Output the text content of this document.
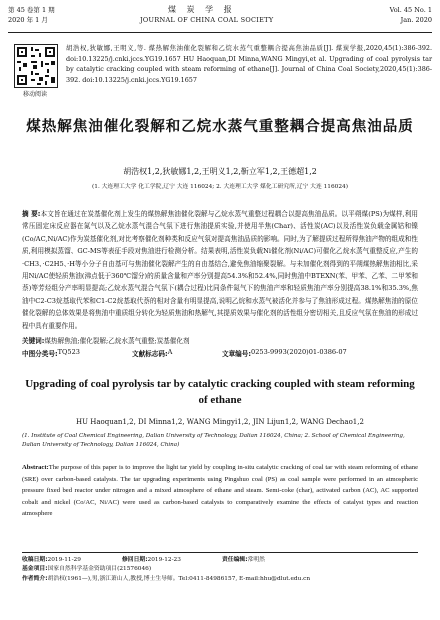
第 45 卷第 1 期
2020 年 1 月
煤 炭 学 报
JOURNAL OF CHINA COAL SOCIETY
Vol. 45 No. 1
Jan. 2020
移动阅读
胡浩权,狄敏娜,王明义,等. 煤热解焦油催化裂解和乙烷水蒸气重整耦合提高焦油品质[J]. 煤炭学报,2020,45(1):386-392. doi:10.13225/j.cnki.jccs.YG19.1657 HU Haoquan,DI Minna,WANG Mingyi,et al. Upgrading of coal pyrolysis tar by catalytic cracking coupled with steam reforming of ethane[J]. Journal of China Coal Society,2020,45(1):386-392. doi:10.13225/j.cnki.jccs.YG19.1657
煤热解焦油催化裂解和乙烷水蒸气重整耦合提高焦油品质
胡浩权1,2,狄敏娜1,2,王明义1,2,靳立军1,2,王德超1,2
(1. 大连理工大学 化工学院,辽宁 大连 116024; 2. 大连理工大学 煤化工研究所,辽宁 大连 116024)
摘 要:本文旨在通过在炭基催化剂上发生的煤热解焦油催化裂解与乙烷水蒸气重整过程耦合以提高焦油品质。以平朔煤(PS)为煤样,利用常压固定床反应器在氮气以及乙烷水蒸气混合气氛下进行焦油提质实验,并使用半焦(Char)、活性炭(AC)以及活性炭负载金属钴和镍(Co/AC,Ni/AC)作为炭基催化剂,对比考察催化剂种类和反应气氛对提高焦油品质的影响。同时,为了解提质过程所得焦油产物的组成和性质,利用模拟蒸馏、GC-MS等表征手段对焦油进行检测分析。结果表明,活性炭负载Ni催化剂(Ni/AC)可催化乙烷水蒸气重整反应,产生的·CH3、·C2H5、·H等小分子自由基可与焦油催化裂解产生的自由基结合,避免焦油缩聚裂解。与未加催化剂得到的平朔煤热解焦油相比,采用Ni/AC使轻质焦油(沸点低于360℃馏分)的质量含量和产率分别提高54.3%和52.4%,同时焦油中BTEXN(苯、甲苯、乙苯、二甲苯和萘)等芳烃组分产率明显提高;乙烷水蒸气混合气氛下(耦合过程)比同条件氮气下的焦油产率和轻质焦油产率分别提高38.1%和35.3%,焦油中C2-C3烷基取代苯和C1-C2烷基取代萘的相对含量有明显提高,说明乙烷和水蒸气被活化并参与了焦油形成过程。煤热解焦油的原位催化裂解的总体效果是将焦油中重质组分转化为轻质焦油和热解气,其提质效果与催化剂的活性组分密切相关,且反应气氛在焦油的形成过程中具有重要作用。
关键词:煤热解焦油;催化裂解;乙烷水蒸气重整;炭基催化剂
中图分类号: TQ523	文献标志码: A	文章编号: 0253-9993(2020)01-0386-07
Upgrading of coal pyrolysis tar by catalytic cracking coupled with steam reforming of ethane
HU Haoquan1,2, DI Minna1,2, WANG Mingyi1,2, JIN Lijun1,2, WANG Dechao1,2
(1. Institute of Coal Chemical Engineering, Dalian University of Technology, Dalian 116024, China; 2. School of Chemical Engineering, Dalian University of Technology, Dalian 116024, China)
Abstract:The purpose of this paper is to improve the light tar yield by coupling in-situ catalytic cracking of coal tar with steam reforming of ethane (SRE) over carbon-based catalysts. The tar upgrading experiments using Pingshuo coal (PS) as coal sample were performed in an atmospheric pressure fixed bed reactor under nitrogen and a mixed atmosphere of ethane and steam. Semi-coke (char), activated carbon (AC), AC supported cobalt and nickel (Co/AC, Ni/AC) were used as carbon-based catalysts to comparatively examine the effects of catalyst types and reaction atmosphere
收稿日期: 2019-11-29	修回日期: 2019-12-23	责任编辑: 常明然
基金项目: 国家自然科学基金资助项目(21576046)
作者简介: 胡浩权(1961—),男,浙江萧山人,教授,博士生导师。Tel:0411-84986157, E-mail:hhu@dlut.edu.cn
